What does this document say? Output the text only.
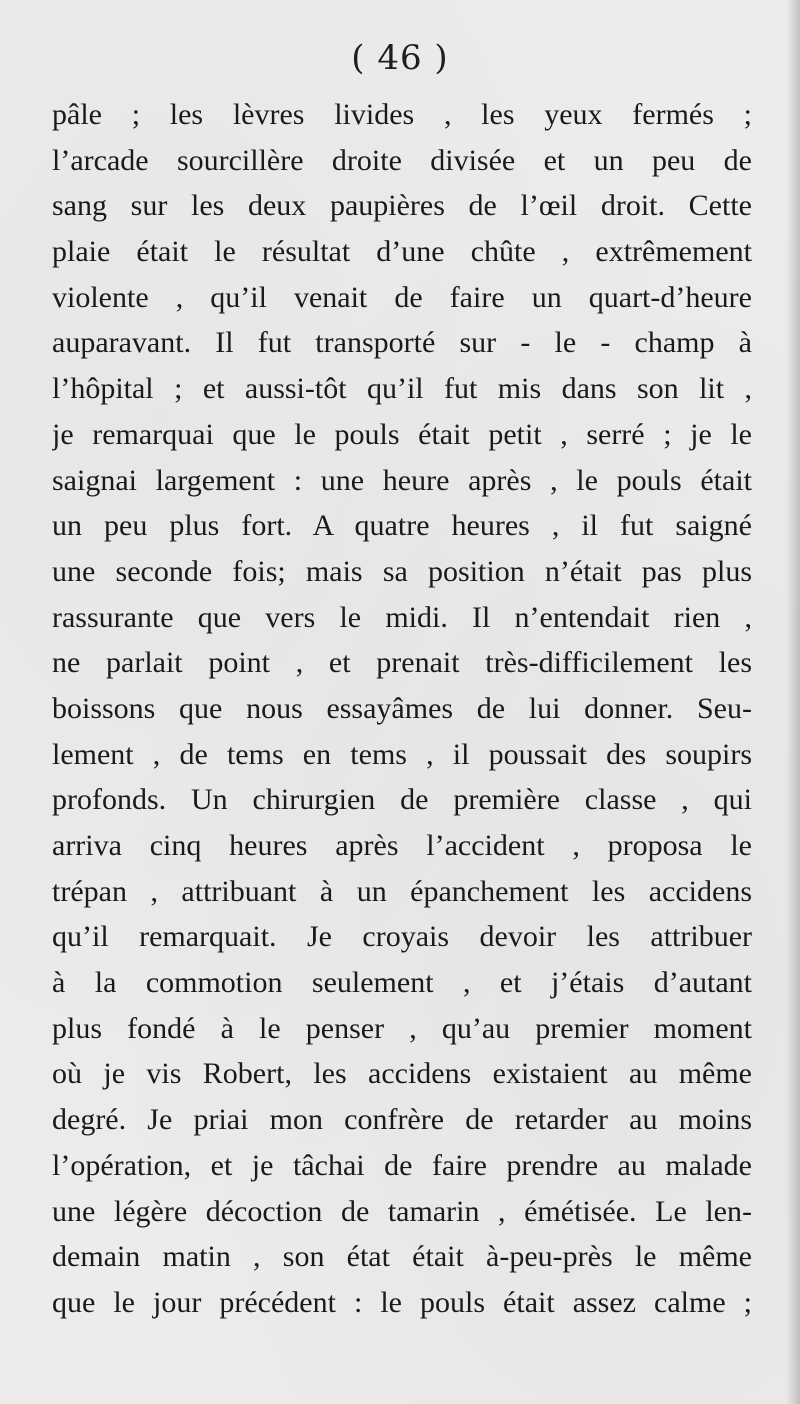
( 46 )
pâle ; les lèvres livides , les yeux fermés ;
l’arcade sourcillère droite divisée et un peu de
sang sur les deux paupières de l’œil droit. Cette
plaie était le résultat d’une chûte , extrêmement
violente , qu’il venait de faire un quart-d’heure
auparavant. Il fut transporté sur - le - champ à
l’hôpital ; et aussi-tôt qu’il fut mis dans son lit ,
je remarquai que le pouls était petit , serré ; je le
saignai largement : une heure après , le pouls était
un peu plus fort. A quatre heures , il fut saigné
une seconde fois; mais sa position n’était pas plus
rassurante que vers le midi. Il n’entendait rien ,
ne parlait point , et prenait très-difficilement les
boissons que nous essayâmes de lui donner. Seu-
lement , de tems en tems , il poussait des soupirs
profonds. Un chirurgien de première classe , qui
arriva cinq heures après l’accident , proposa le
trépan , attribuant à un épanchement les accidens
qu’il remarquait. Je croyais devoir les attribuer
à la commotion seulement , et j’étais d’autant
plus fondé à le penser , qu’au premier moment
où je vis Robert, les accidens existaient au même
degré. Je priai mon confrère de retarder au moins
l’opération, et je tâchai de faire prendre au malade
une légère décoction de tamarin , émétisée. Le len-
demain matin , son état était à-peu-près le même
que le jour précédent : le pouls était assez calme ;
